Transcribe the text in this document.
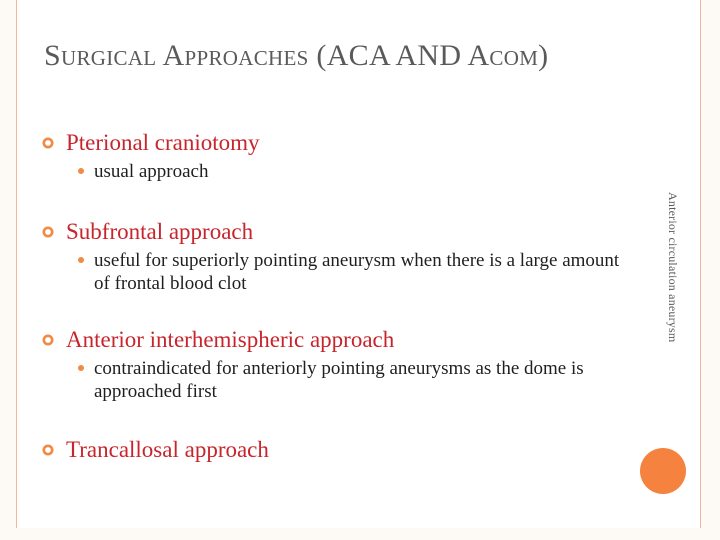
Surgical Approaches (ACA AND Acom)
Pterional craniotomy
usual approach
Subfrontal approach
useful for superiorly pointing aneurysm when there is a large amount of frontal blood clot
Anterior interhemispheric approach
contraindicated for anteriorly pointing aneurysms as the dome is approached first
Trancallosal approach
Anterior circulation aneurysm
